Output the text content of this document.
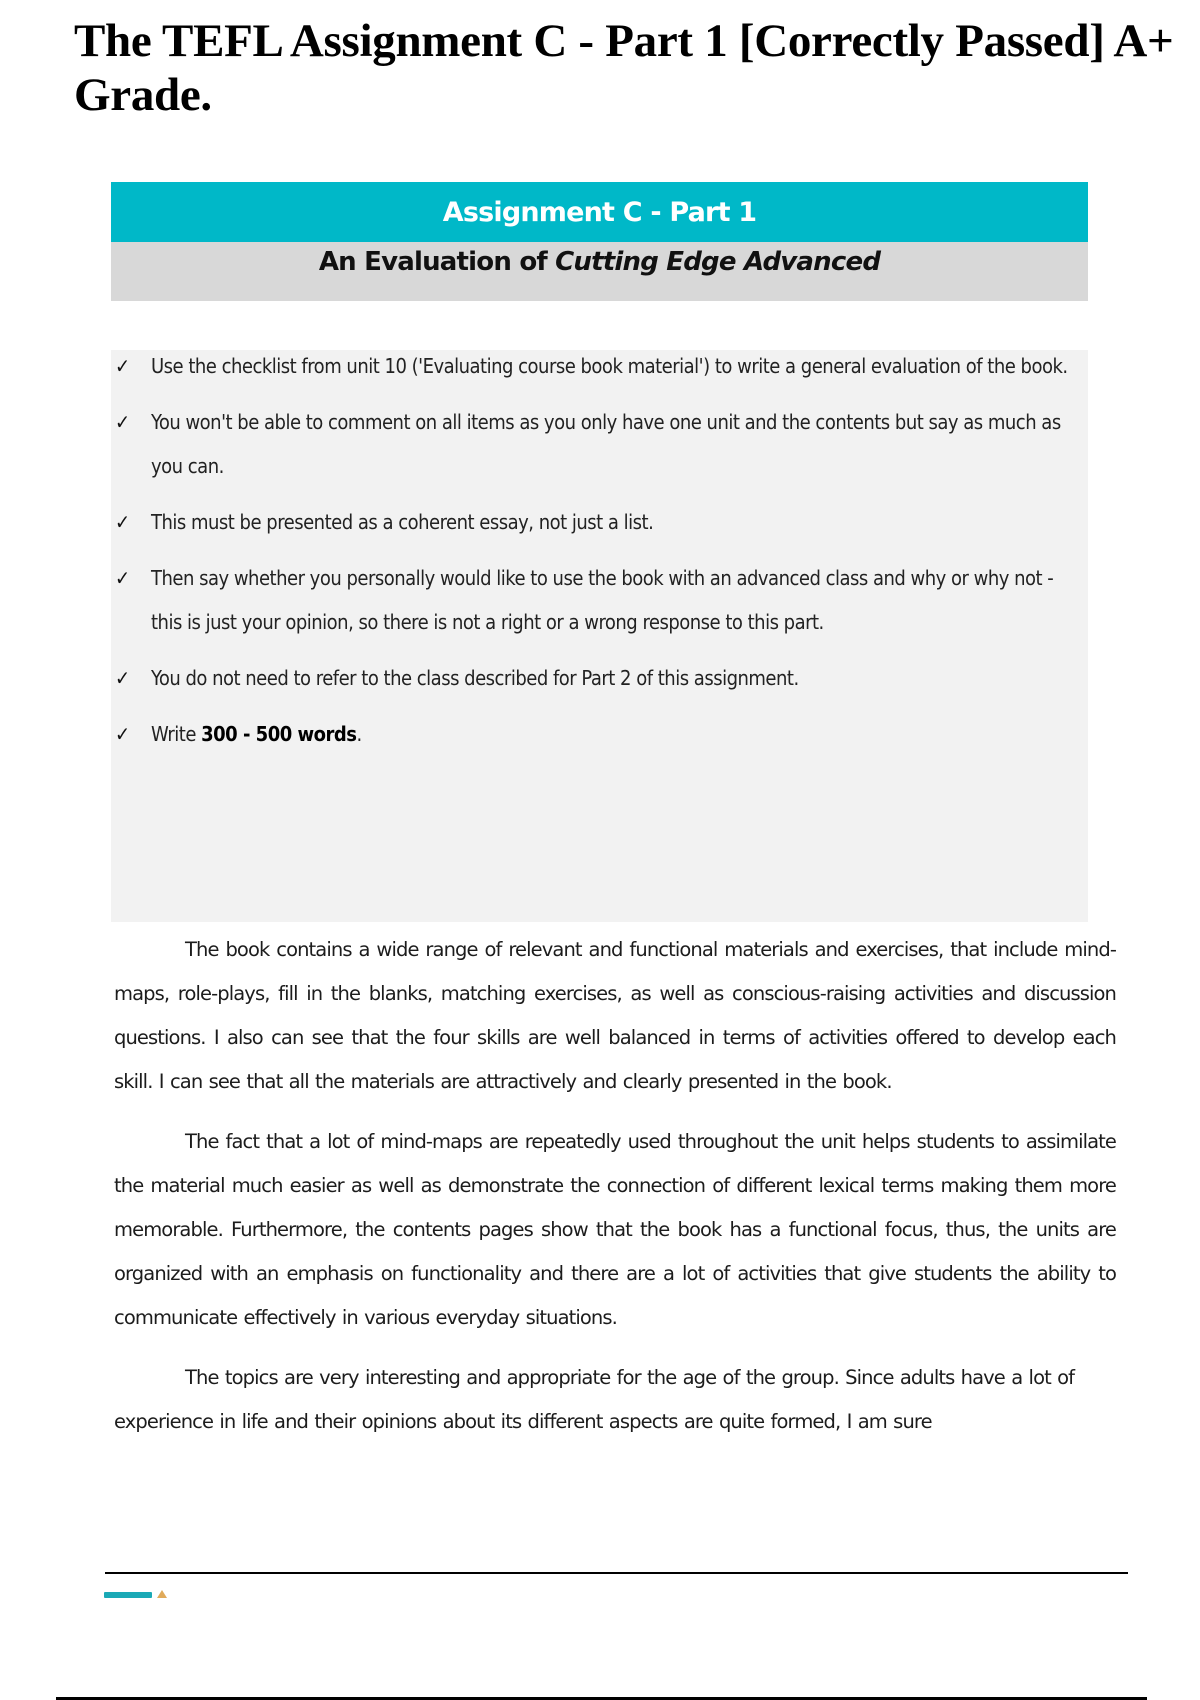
The TEFL Assignment C - Part 1 [Correctly Passed] A+ Grade.
Assignment C - Part 1
An Evaluation of Cutting Edge Advanced
✓ Use the checklist from unit 10 ('Evaluating course book material') to write a general evaluation of the book.
✓ You won't be able to comment on all items as you only have one unit and the contents but say as much as you can.
✓ This must be presented as a coherent essay, not just a list.
✓ Then say whether you personally would like to use the book with an advanced class and why or why not - this is just your opinion, so there is not a right or a wrong response to this part.
✓ You do not need to refer to the class described for Part 2 of this assignment.
✓ Write 300 - 500 words.

The book contains a wide range of relevant and functional materials and exercises, that include mind-maps, role-plays, fill in the blanks, matching exercises, as well as conscious-raising activities and discussion questions. I also can see that the four skills are well balanced in terms of activities offered to develop each skill. I can see that all the materials are attractively and clearly presented in the book.

The fact that a lot of mind-maps are repeatedly used throughout the unit helps students to assimilate the material much easier as well as demonstrate the connection of different lexical terms making them more memorable. Furthermore, the contents pages show that the book has a functional focus, thus, the units are organized with an emphasis on functionality and there are a lot of activities that give students the ability to communicate effectively in various everyday situations.

The topics are very interesting and appropriate for the age of the group. Since adults have a lot of experience in life and their opinions about its different aspects are quite formed, I am sure
